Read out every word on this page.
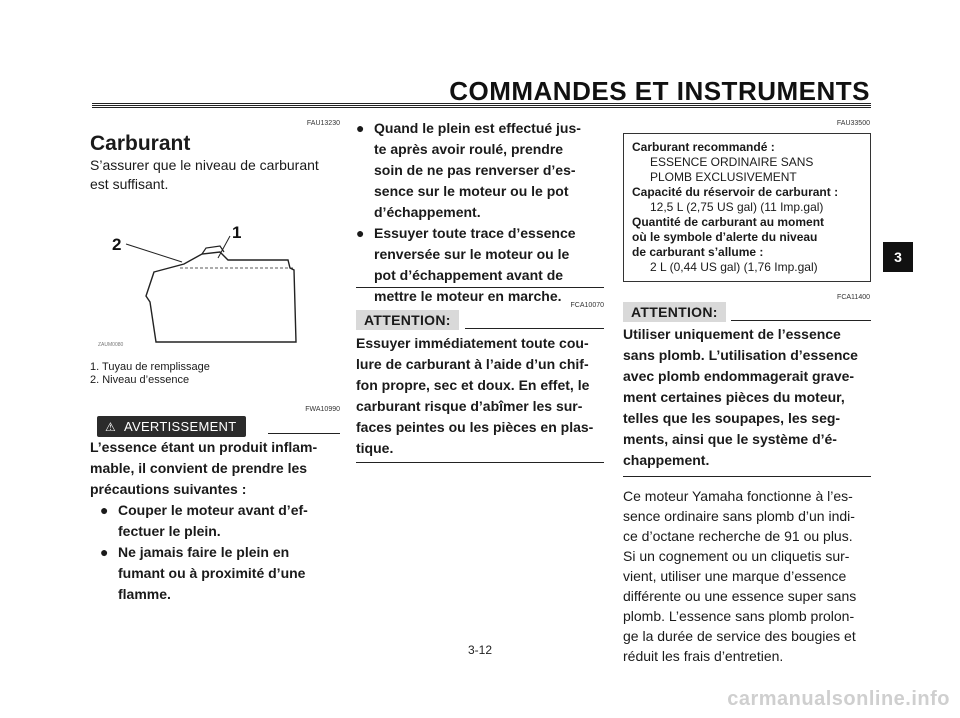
COMMANDES ET INSTRUMENTS
3
FAU13230
Carburant
S’assurer que le niveau de carburant
est suffisant.
1
2
ZAUM0080
1. Tuyau de remplissage
2. Niveau d’essence
FWA10990
⚠ AVERTISSEMENT
L’essence étant un produit inflam-
mable, il convient de prendre les
précautions suivantes :
● Couper le moteur avant d’ef-
fectuer le plein.
● Ne jamais faire le plein en
fumant ou à proximité d’une
flamme.
● Quand le plein est effectué jus-
te après avoir roulé, prendre
soin de ne pas renverser d’es-
sence sur le moteur ou le pot
d’échappement.
● Essuyer toute trace d’essence
renversée sur le moteur ou le
pot d’échappement avant de
mettre le moteur en marche.
FCA10070
ATTENTION:
Essuyer immédiatement toute cou-
lure de carburant à l’aide d’un chif-
fon propre, sec et doux. En effet, le
carburant risque d’abîmer les sur-
faces peintes ou les pièces en plas-
tique.
FAU33500
Carburant recommandé :
ESSENCE ORDINAIRE SANS
PLOMB EXCLUSIVEMENT
Capacité du réservoir de carburant :
12,5 L (2,75 US gal) (11 Imp.gal)
Quantité de carburant au moment
où le symbole d’alerte du niveau
de carburant s’allume :
2 L (0,44 US gal) (1,76 Imp.gal)
FCA11400
ATTENTION:
Utiliser uniquement de l’essence
sans plomb. L’utilisation d’essence
avec plomb endommagerait grave-
ment certaines pièces du moteur,
telles que les soupapes, les seg-
ments, ainsi que le système d’é-
chappement.
Ce moteur Yamaha fonctionne à l’es-
sence ordinaire sans plomb d’un indi-
ce d’octane recherche de 91 ou plus.
Si un cognement ou un cliquetis sur-
vient, utiliser une marque d’essence
différente ou une essence super sans
plomb. L’essence sans plomb prolon-
ge la durée de service des bougies et
réduit les frais d’entretien.
3-12
carmanualsonline.info
